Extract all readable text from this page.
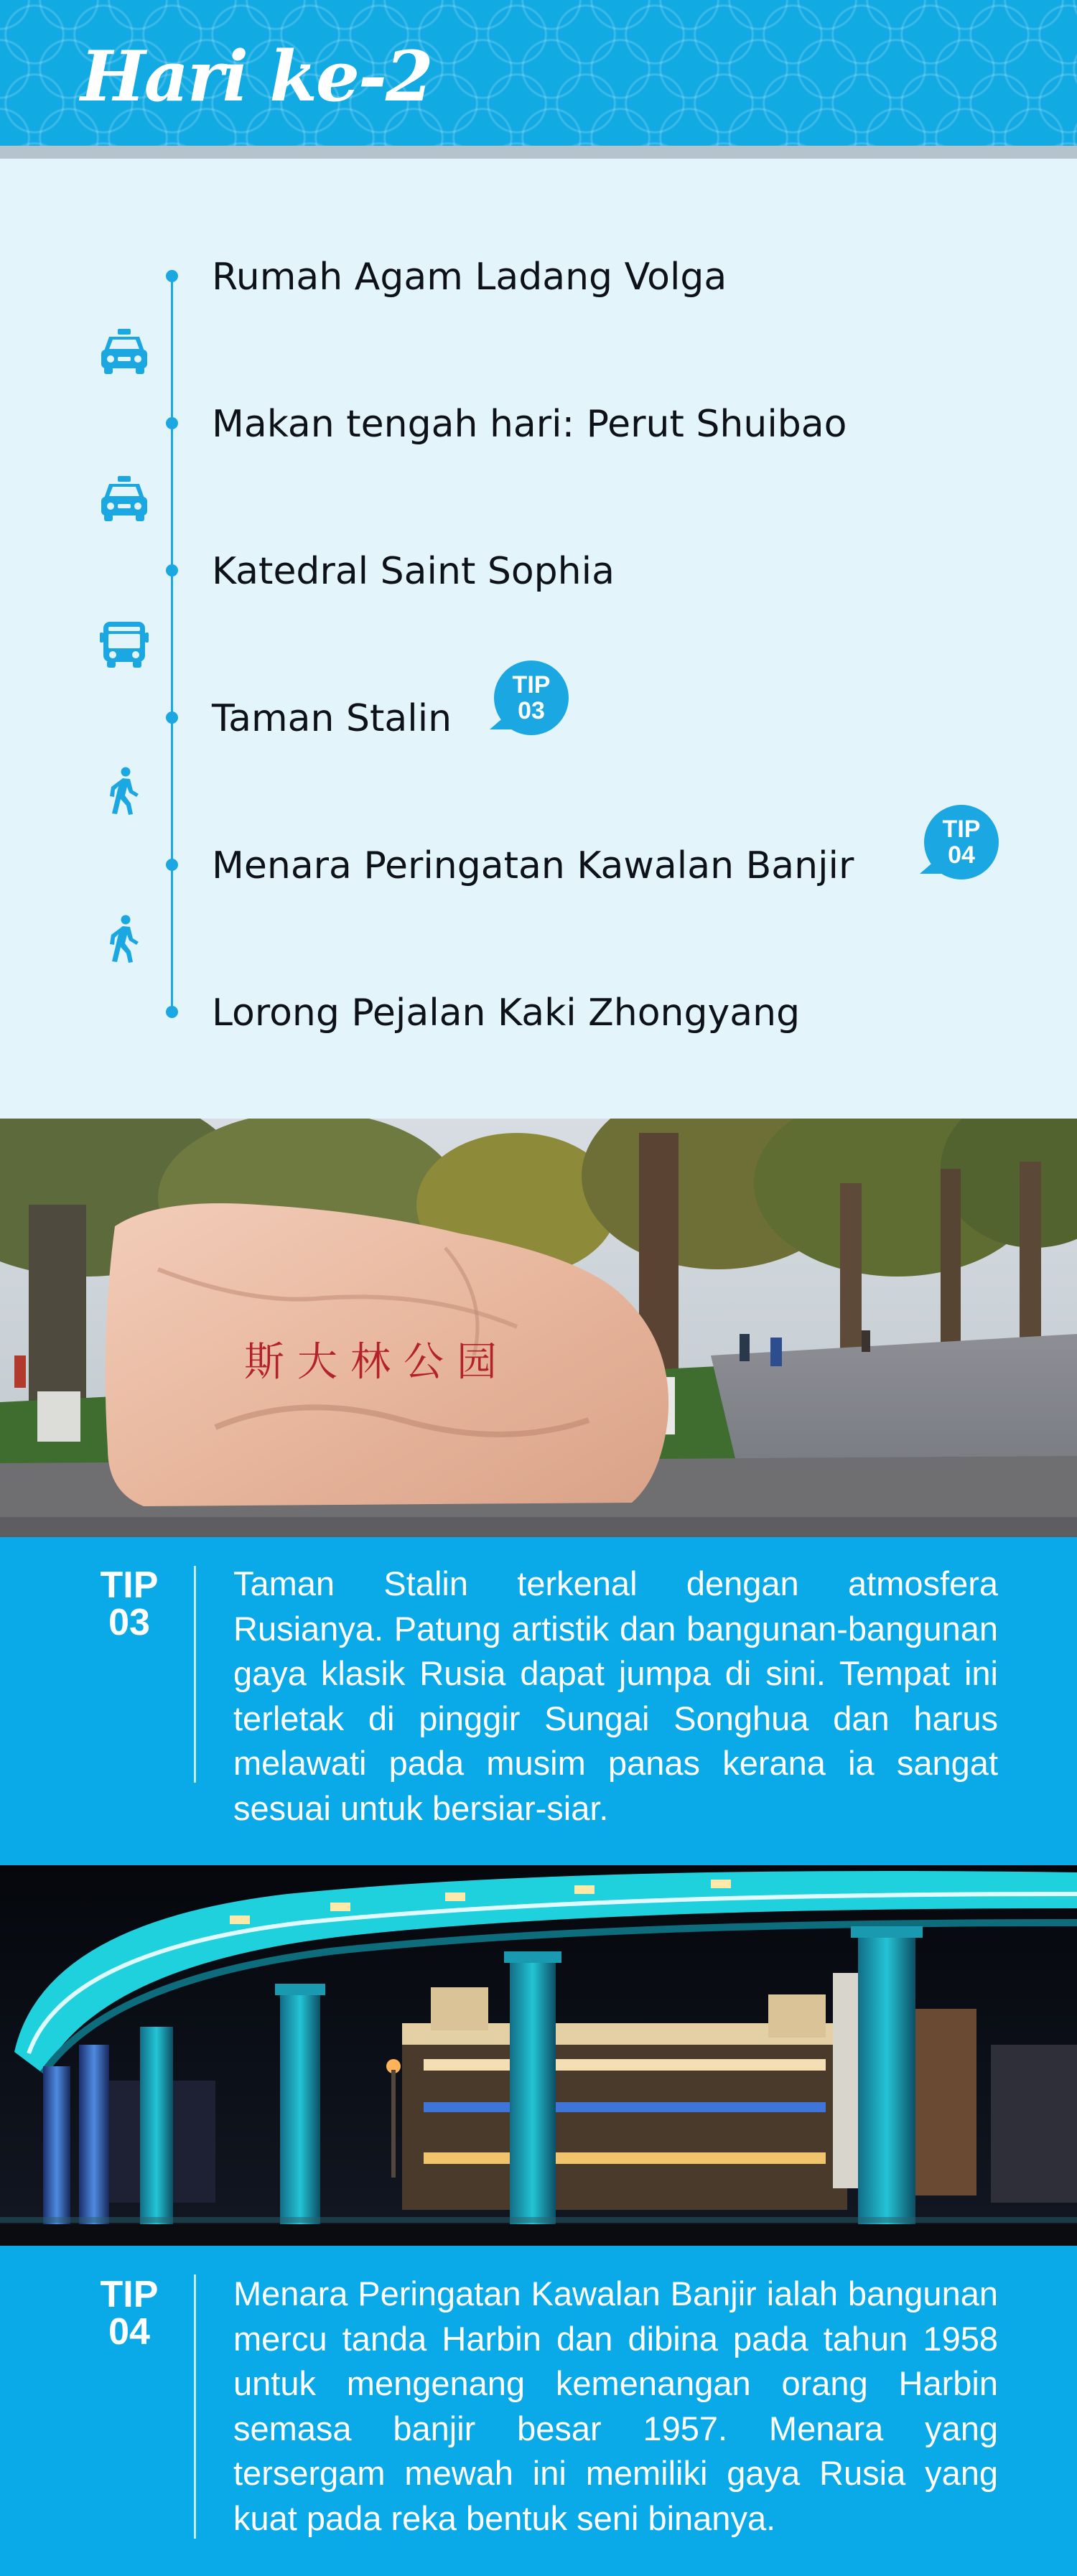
Hari ke-2
Rumah Agam Ladang Volga
Makan tengah hari: Perut Shuibao
Katedral Saint Sophia
Taman Stalin
TIP
03
Menara Peringatan Kawalan Banjir
TIP
04
Lorong Pejalan Kaki Zhongyang
斯大林公园
TIP
03
Taman Stalin terkenal dengan atmosfera Rusianya. Patung artistik dan bangunan-bangunan gaya klasik Rusia dapat jumpa di sini. Tempat ini terletak di pinggir Sungai Songhua dan harus melawati pada musim panas kerana ia sangat sesuai untuk bersiar-siar.
TIP
04
Menara Peringatan Kawalan Banjir ialah bangunan mercu tanda Harbin dan dibina pada tahun 1958 untuk mengenang kemenangan orang Harbin semasa banjir besar 1957. Menara yang tersergam mewah ini memiliki gaya Rusia yang kuat pada reka bentuk seni binanya.
